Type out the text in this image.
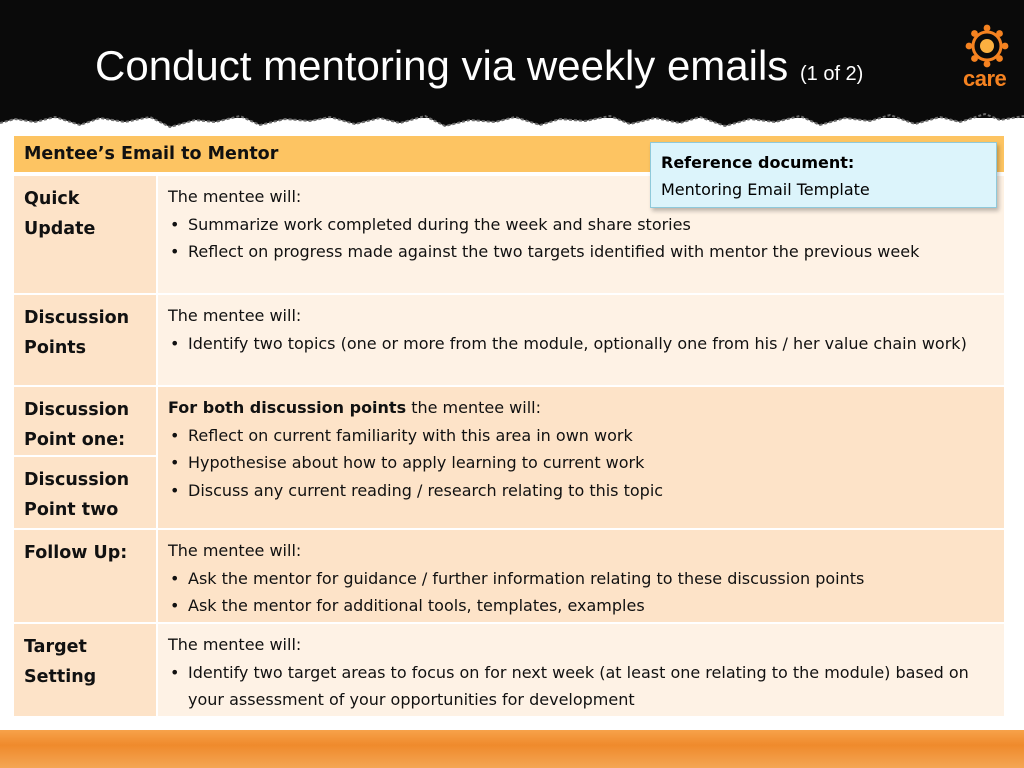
Conduct mentoring via weekly emails (1 of 2)	care
Mentee’s Email to Mentor
Quick Update
The mentee will:
• Summarize work completed during the week and share stories
• Reflect on progress made against the two targets identified with mentor the previous week
Discussion Points
The mentee will:
• Identify two topics (one or more from the module, optionally one from his / her value chain work)
Discussion Point one:
Discussion Point two
For both discussion points the mentee will:
• Reflect on current familiarity with this area in own work
• Hypothesise about how to apply learning to current work
• Discuss any current reading / research relating to this topic
Follow Up:	The mentee will:
• Ask the mentor for guidance / further information relating to these discussion points
• Ask the mentor for additional tools, templates, examples
Target Setting
The mentee will:
• Identify two target areas to focus on for next week (at least one relating to the module) based on your assessment of your opportunities for development
Reference document:
Mentoring Email Template
